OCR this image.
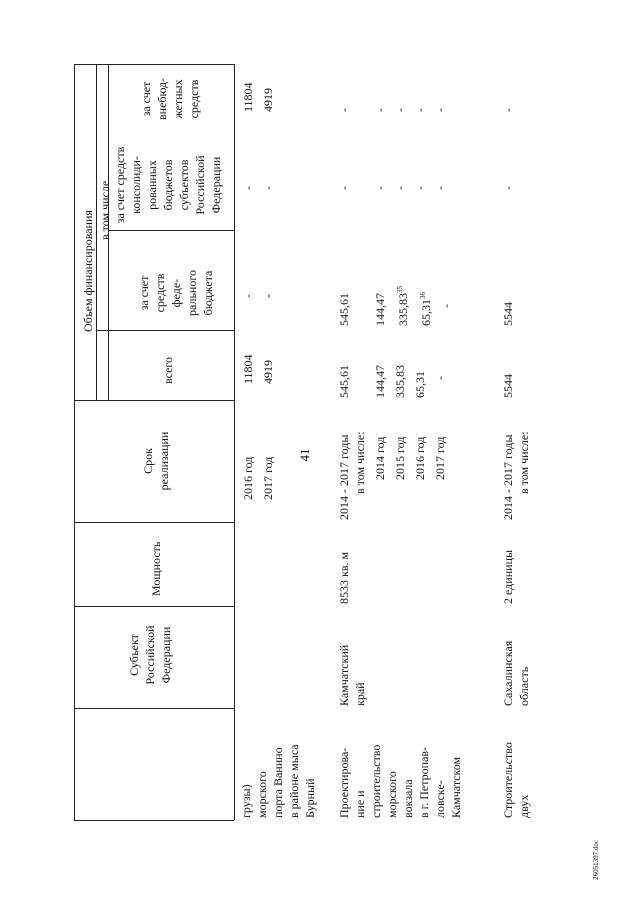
41
26051397.doc
Субъект Российской Федерации
Мощность
Срок реализации
всего
Объем финансирования в том числе
за счет средств феде- рального бюджета
за счет средств консолиди- рованных бюджетов субъектов Российской Федерации
за счет внебюд- жетных средств
грузы) морского порта Ванино в районе мыса Бурный
2016 год 2017 год
11804 4919
- -
- -
11804 4919
Проектирова- ние и строительство морского вокзала в г. Петропав- ловске- Камчатском
Камчатский край
8533 кв. м
2014 - 2017 годы в том числе: 2014 год 2015 год 2016 год 2017 год
545,61 144,47 335,83 65,31 -
545,61 144,47 335,83$^{35}$
65,31$^{36}$
-
- - - - -
- - - - -
Строительство двух
Сахалинская область
2 единицы
2014 - 2017 годы в том числе:
5544
5544
-
-
